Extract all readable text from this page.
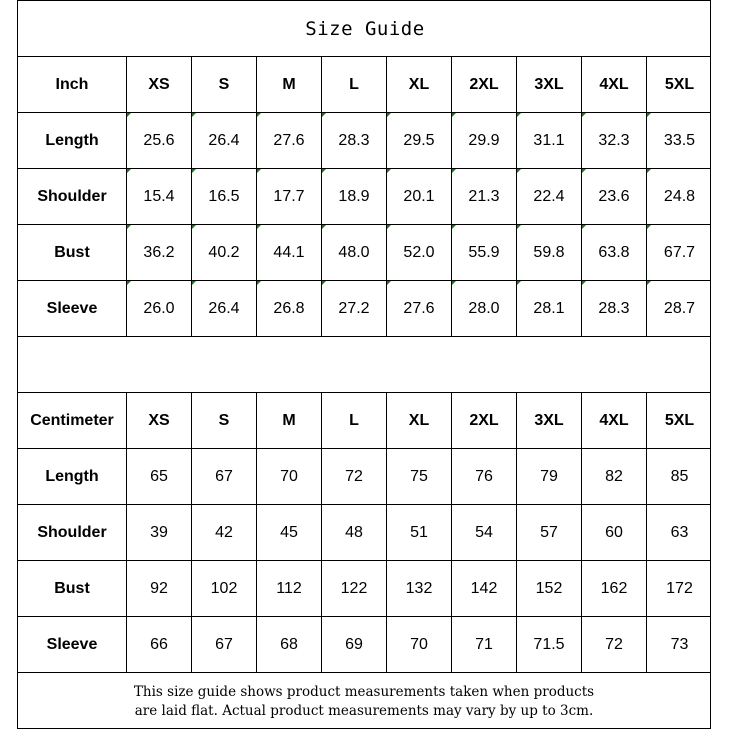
Size Guide
Inch	XS	S	M	L	XL	2XL	3XL	4XL	5XL
Length	25.6	26.4	27.6	28.3	29.5	29.9	31.1	32.3	33.5
Shoulder	15.4	16.5	17.7	18.9	20.1	21.3	22.4	23.6	24.8
Bust	36.2	40.2	44.1	48.0	52.0	55.9	59.8	63.8	67.7
Sleeve	26.0	26.4	26.8	27.2	27.6	28.0	28.1	28.3	28.7
Centimeter	XS	S	M	L	XL	2XL	3XL	4XL	5XL
Length	65	67	70	72	75	76	79	82	85
Shoulder	39	42	45	48	51	54	57	60	63
Bust	92	102	112	122	132	142	152	162	172
Sleeve	66	67	68	69	70	71	71.5	72	73
This size guide shows product measurements taken when products
are laid flat. Actual product measurements may vary by up to 3cm.
